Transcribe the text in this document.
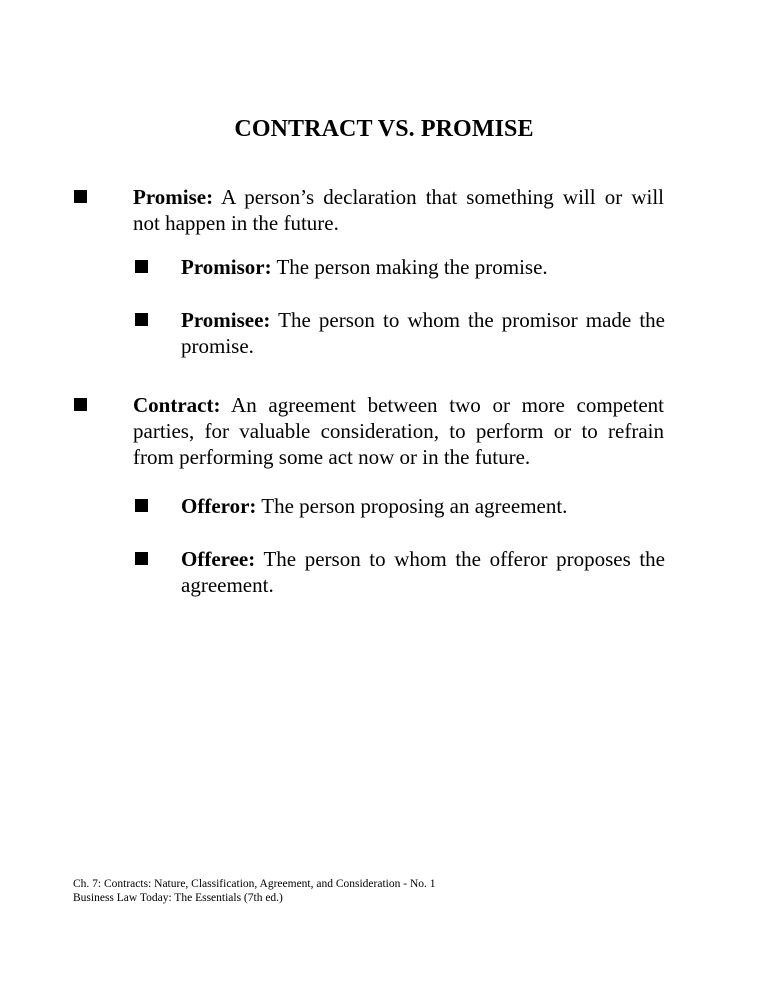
CONTRACT VS. PROMISE
Promise: A person’s declaration that something will or will not happen in the future.
Promisor: The person making the promise.
Promisee: The person to whom the promisor made the promise.
Contract: An agreement between two or more competent parties, for valuable consideration, to perform or to refrain from performing some act now or in the future.
Offeror: The person proposing an agreement.
Offeree: The person to whom the offeror proposes the agreement.
Ch. 7: Contracts: Nature, Classification, Agreement, and Consideration - No. 1
Business Law Today: The Essentials (7th ed.)
